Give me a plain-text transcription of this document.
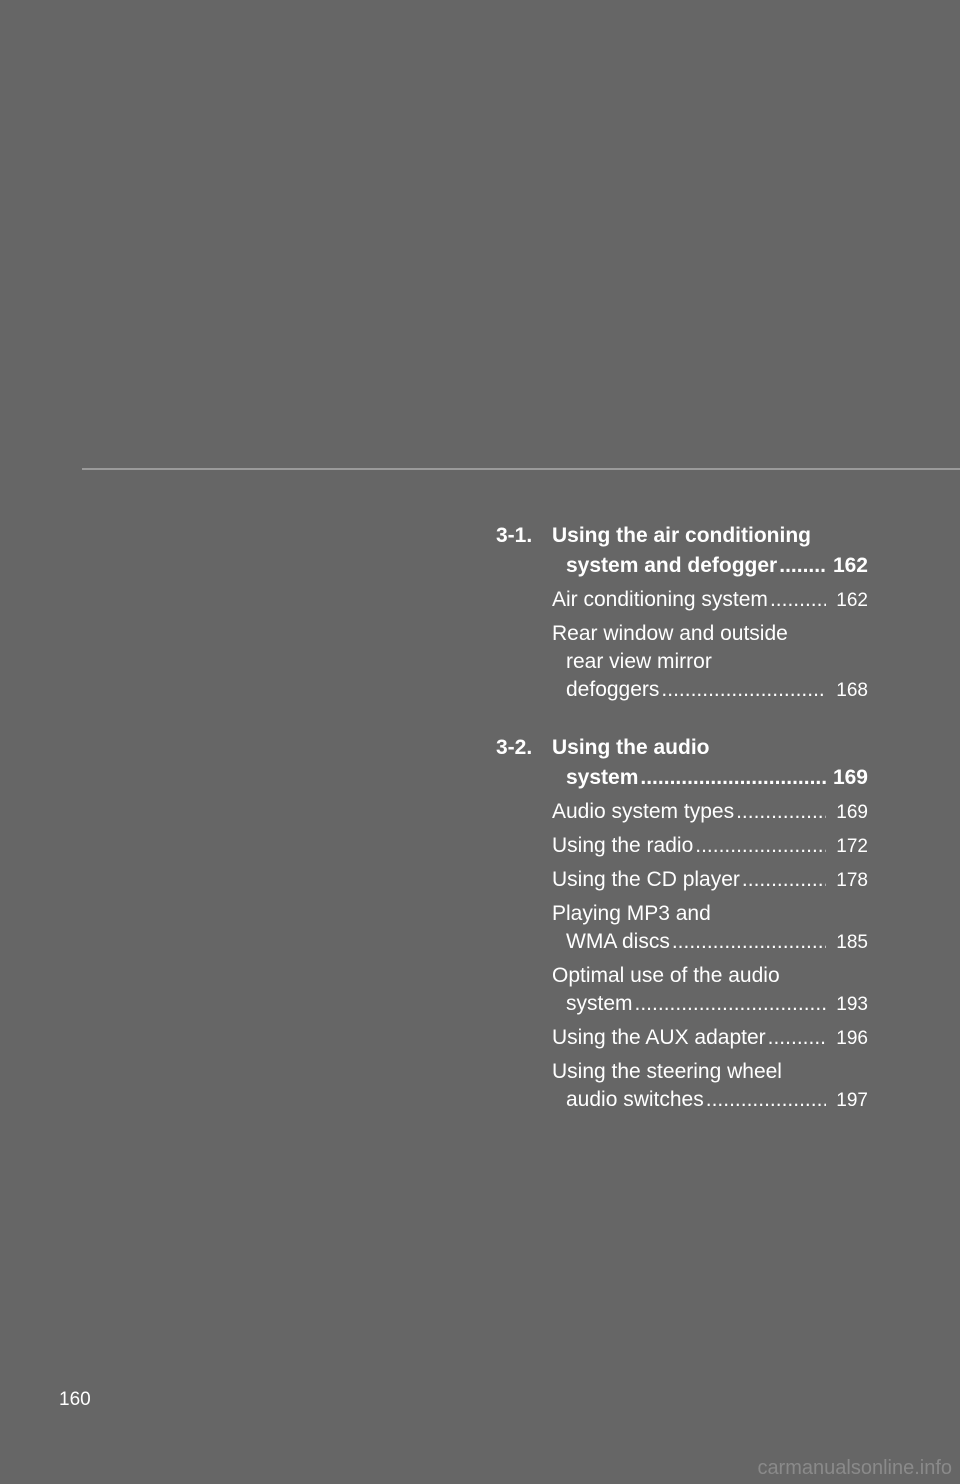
3-1. Using the air conditioning
system and defogger .....	162
Air conditioning system .....	162
Rear window and outside
rear view mirror
defoggers .....	168
3-2. Using the audio
system .....	169
Audio system types .....	169
Using the radio .....	172
Using the CD player .....	178
Playing MP3 and
WMA discs .....	185
Optimal use of the audio
system .....	193
Using the AUX adapter .....	196
Using the steering wheel
audio switches .....	197
160
carmanualsonline.info
